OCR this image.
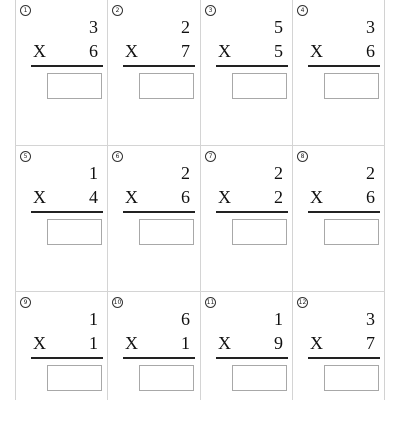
1
3
X 6
2
2
X 7
3
5
X 5
4
3
X 6
5
1
X 4
6
2
X 6
7
2
X 2
8
2
X 6
9
1
X 1
10
6
X 1
11
1
X 9
12
3
X 7
